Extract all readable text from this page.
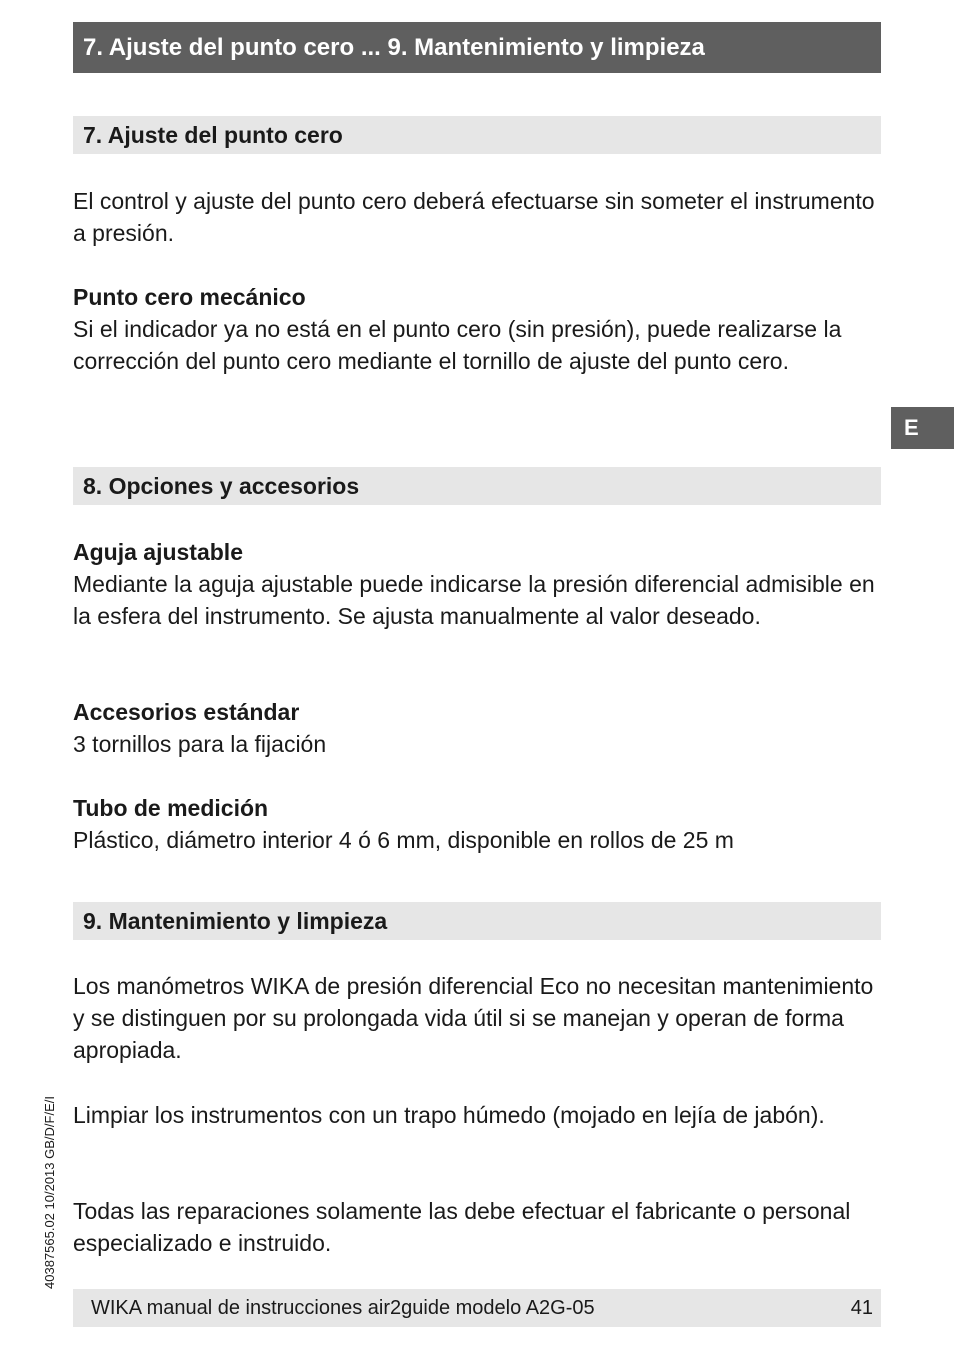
7. Ajuste del punto cero ... 9. Mantenimiento y limpieza
7. Ajuste del punto cero

El control y ajuste del punto cero deberá efectuarse sin someter el instrumento a presión.

Punto cero mecánico
Si el indicador ya no está en el punto cero (sin presión), puede realizarse la corrección del punto cero mediante el tornillo de ajuste del punto cero.
E
8. Opciones y accesorios
Aguja ajustable
Mediante la aguja ajustable puede indicarse la presión diferencial admisible en la esfera del instrumento. Se ajusta manualmente al valor deseado.
Accesorios estándar
3 tornillos para la fijación
Tubo de medición
Plástico, diámetro interior 4 ó 6 mm, disponible en rollos de 25 m
9. Mantenimiento y limpieza

Los manómetros WIKA de presión diferencial Eco no necesitan mantenimiento y se distinguen por su prolongada vida útil si se manejan y operan de forma apropiada.

Limpiar los instrumentos con un trapo húmedo (mojado en lejía de jabón).

Todas las reparaciones solamente las debe efectuar el fabricante o personal especializado e instruido.

40387565.02 10/2013 GB/D/F/E/I
WIKA manual de instrucciones air2guide modelo A2G-05	41
